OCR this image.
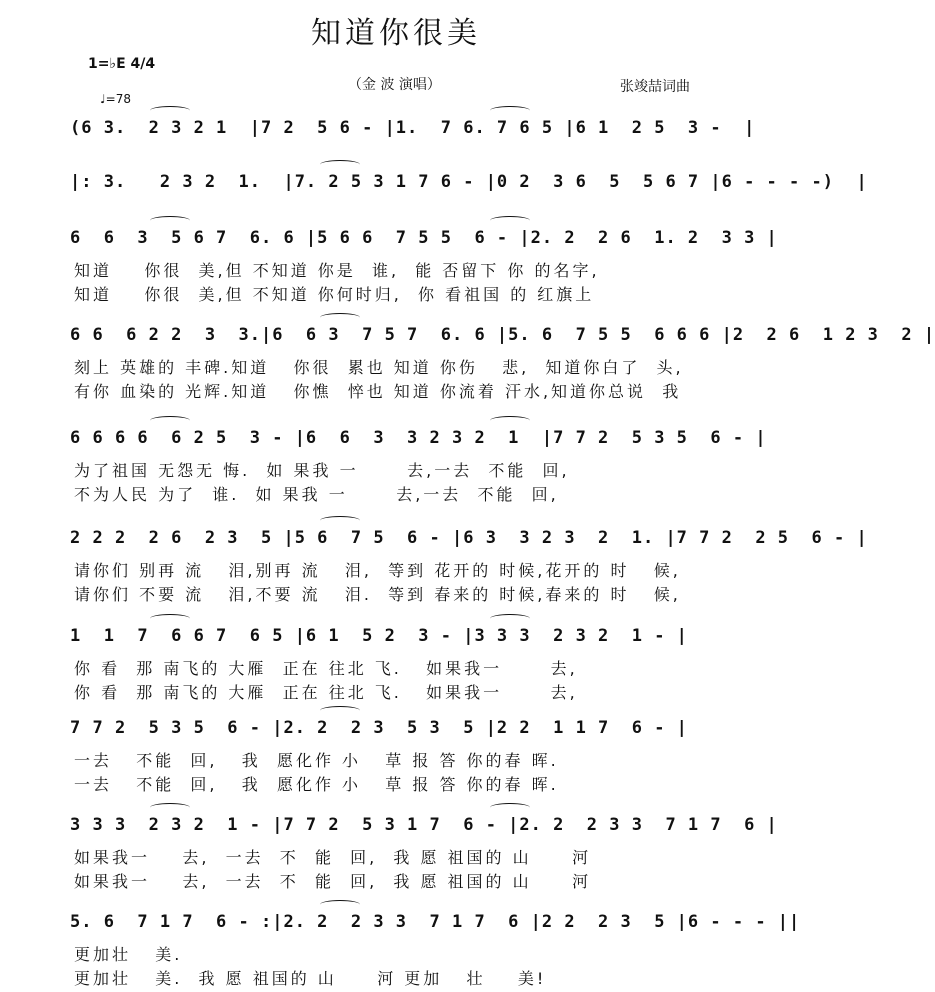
知道你很美
1=♭E 4/4
♩=78
（金 波 演唱）	张竣喆词曲
(6 3.  2 3 2 1  |7 2  5 6 - |1.  7 6. 7 6 5 |6 1  2 5  3 -  |
|: 3.   2 3 2  1.  |7. 2 5 3 1 7 6 - |0 2  3 6  5  5 6 7 |6 - - - -)  |
6  6  3  5 6 7  6. 6 |5 6 6  7 5 5  6 - |2. 2  2 6  1. 2  3 3 |
知道    你很  美,但 不知道 你是  谁,  能 否留下 你 的名字,
知道    你很  美,但 不知道 你何时归,  你 看祖国 的 红旗上
6 6  6 2 2  3  3.|6  6 3  7 5 7  6. 6 |5. 6  7 5 5  6 6 6 |2  2 6  1 2 3  2 |
刻上 英雄的 丰碑.知道   你很  累也 知道 你伤   悲,  知道你白了  头,
有你 血染的 光辉.知道   你憔  悴也 知道 你流着 汗水,知道你总说  我
6 6 6 6  6 2 5  3 - |6  6  3  3 2 3 2  1  |7 7 2  5 3 5  6 - |
为了祖国 无怨无 悔.  如 果我 一      去,一去  不能  回,
不为人民 为了  谁.  如 果我 一      去,一去  不能  回,
2 2 2  2 6  2 3  5 |5 6  7 5  6 - |6 3  3 2 3  2  1. |7 7 2  2 5  6 - |
请你们 别再 流   泪,别再 流   泪,  等到 花开的 时候,花开的 时   候,
请你们 不要 流   泪,不要 流   泪.  等到 春来的 时候,春来的 时   候,
1  1  7  6 6 7  6 5 |6 1  5 2  3 - |3 3 3  2 3 2  1 - |
你 看  那 南飞的 大雁  正在 往北 飞.   如果我一      去,
你 看  那 南飞的 大雁  正在 往北 飞.   如果我一      去,
7 7 2  5 3 5  6 - |2. 2  2 3  5 3  5 |2 2  1 1 7  6 - |
一去   不能  回,   我  愿化作 小   草 报 答 你的春 晖.
一去   不能  回,   我  愿化作 小   草 报 答 你的春 晖.
3 3 3  2 3 2  1 - |7 7 2  5 3 1 7  6 - |2. 2  2 3 3  7 1 7  6 |
如果我一    去,  一去  不  能  回,  我 愿 祖国的 山     河
如果我一    去,  一去  不  能  回,  我 愿 祖国的 山     河
5. 6  7 1 7  6 - :|2. 2  2 3 3  7 1 7  6 |2 2  2 3  5 |6 - - - ||
更加壮   美.
更加壮   美.  我 愿 祖国的 山     河 更加   壮    美!
